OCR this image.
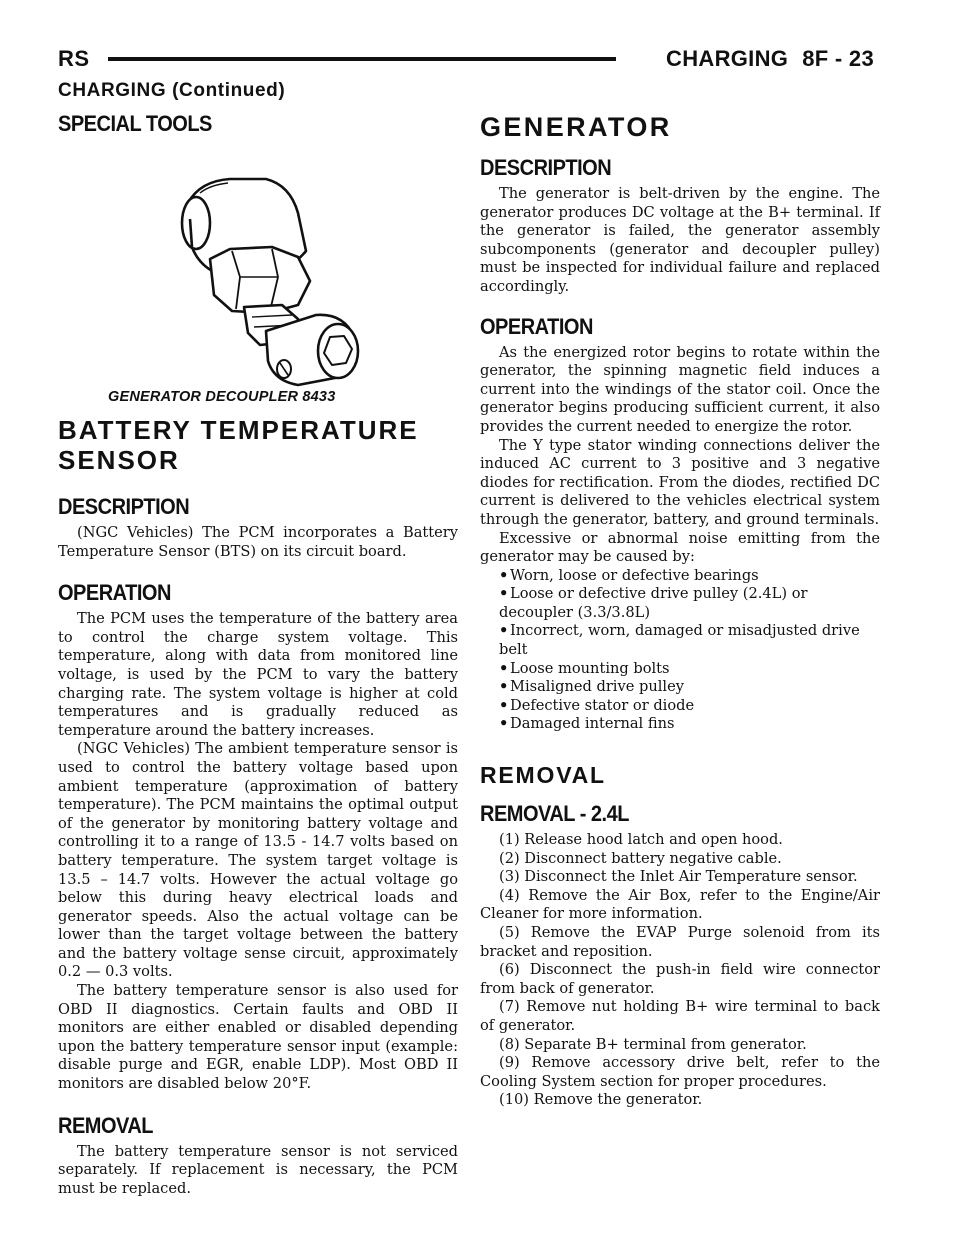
RS	CHARGING 8F - 23
CHARGING (Continued)
SPECIAL TOOLS
GENERATOR DECOUPLER 8433
BATTERY TEMPERATURE
SENSOR
DESCRIPTION

(NGC Vehicles) The PCM incorporates a Battery Temperature Sensor (BTS) on its circuit board.

OPERATION

The PCM uses the temperature of the battery area to control the charge system voltage. This temperature, along with data from monitored line voltage, is used by the PCM to vary the battery charging rate. The system voltage is higher at cold temperatures and is gradually reduced as temperature around the battery increases.

(NGC Vehicles) The ambient temperature sensor is used to control the battery voltage based upon ambient temperature (approximation of battery temperature). The PCM maintains the optimal output of the generator by monitoring battery voltage and controlling it to a range of 13.5 - 14.7 volts based on battery temperature. The system target voltage is 13.5 – 14.7 volts. However the actual voltage go below this during heavy electrical loads and generator speeds. Also the actual voltage can be lower than the target voltage between the battery and the battery voltage sense circuit, approximately 0.2 — 0.3 volts.

The battery temperature sensor is also used for OBD II diagnostics. Certain faults and OBD II monitors are either enabled or disabled depending upon the battery temperature sensor input (example: disable purge and EGR, enable LDP). Most OBD II monitors are disabled below 20°F.

REMOVAL

The battery temperature sensor is not serviced separately. If replacement is necessary, the PCM must be replaced.

GENERATOR
DESCRIPTION

The generator is belt-driven by the engine. The generator produces DC voltage at the B+ terminal. If the generator is failed, the generator assembly subcomponents (generator and decoupler pulley) must be inspected for individual failure and replaced accordingly.

OPERATION

As the energized rotor begins to rotate within the generator, the spinning magnetic field induces a current into the windings of the stator coil. Once the generator begins producing sufficient current, it also provides the current needed to energize the rotor.

The Y type stator winding connections deliver the induced AC current to 3 positive and 3 negative diodes for rectification. From the diodes, rectified DC current is delivered to the vehicles electrical system through the generator, battery, and ground terminals.

Excessive or abnormal noise emitting from the generator may be caused by:

• Worn, loose or defective bearings

• Loose or defective drive pulley (2.4L) or decoupler (3.3/3.8L)

• Incorrect, worn, damaged or misadjusted drive belt

• Loose mounting bolts

• Misaligned drive pulley

• Defective stator or diode

• Damaged internal fins

REMOVAL
REMOVAL - 2.4L

(1) Release hood latch and open hood.

(2) Disconnect battery negative cable.

(3) Disconnect the Inlet Air Temperature sensor.

(4) Remove the Air Box, refer to the Engine/Air Cleaner for more information.

(5) Remove the EVAP Purge solenoid from its bracket and reposition.

(6) Disconnect the push-in field wire connector from back of generator.

(7) Remove nut holding B+ wire terminal to back of generator.

(8) Separate B+ terminal from generator.

(9) Remove accessory drive belt, refer to the Cooling System section for proper procedures.

(10) Remove the generator.
